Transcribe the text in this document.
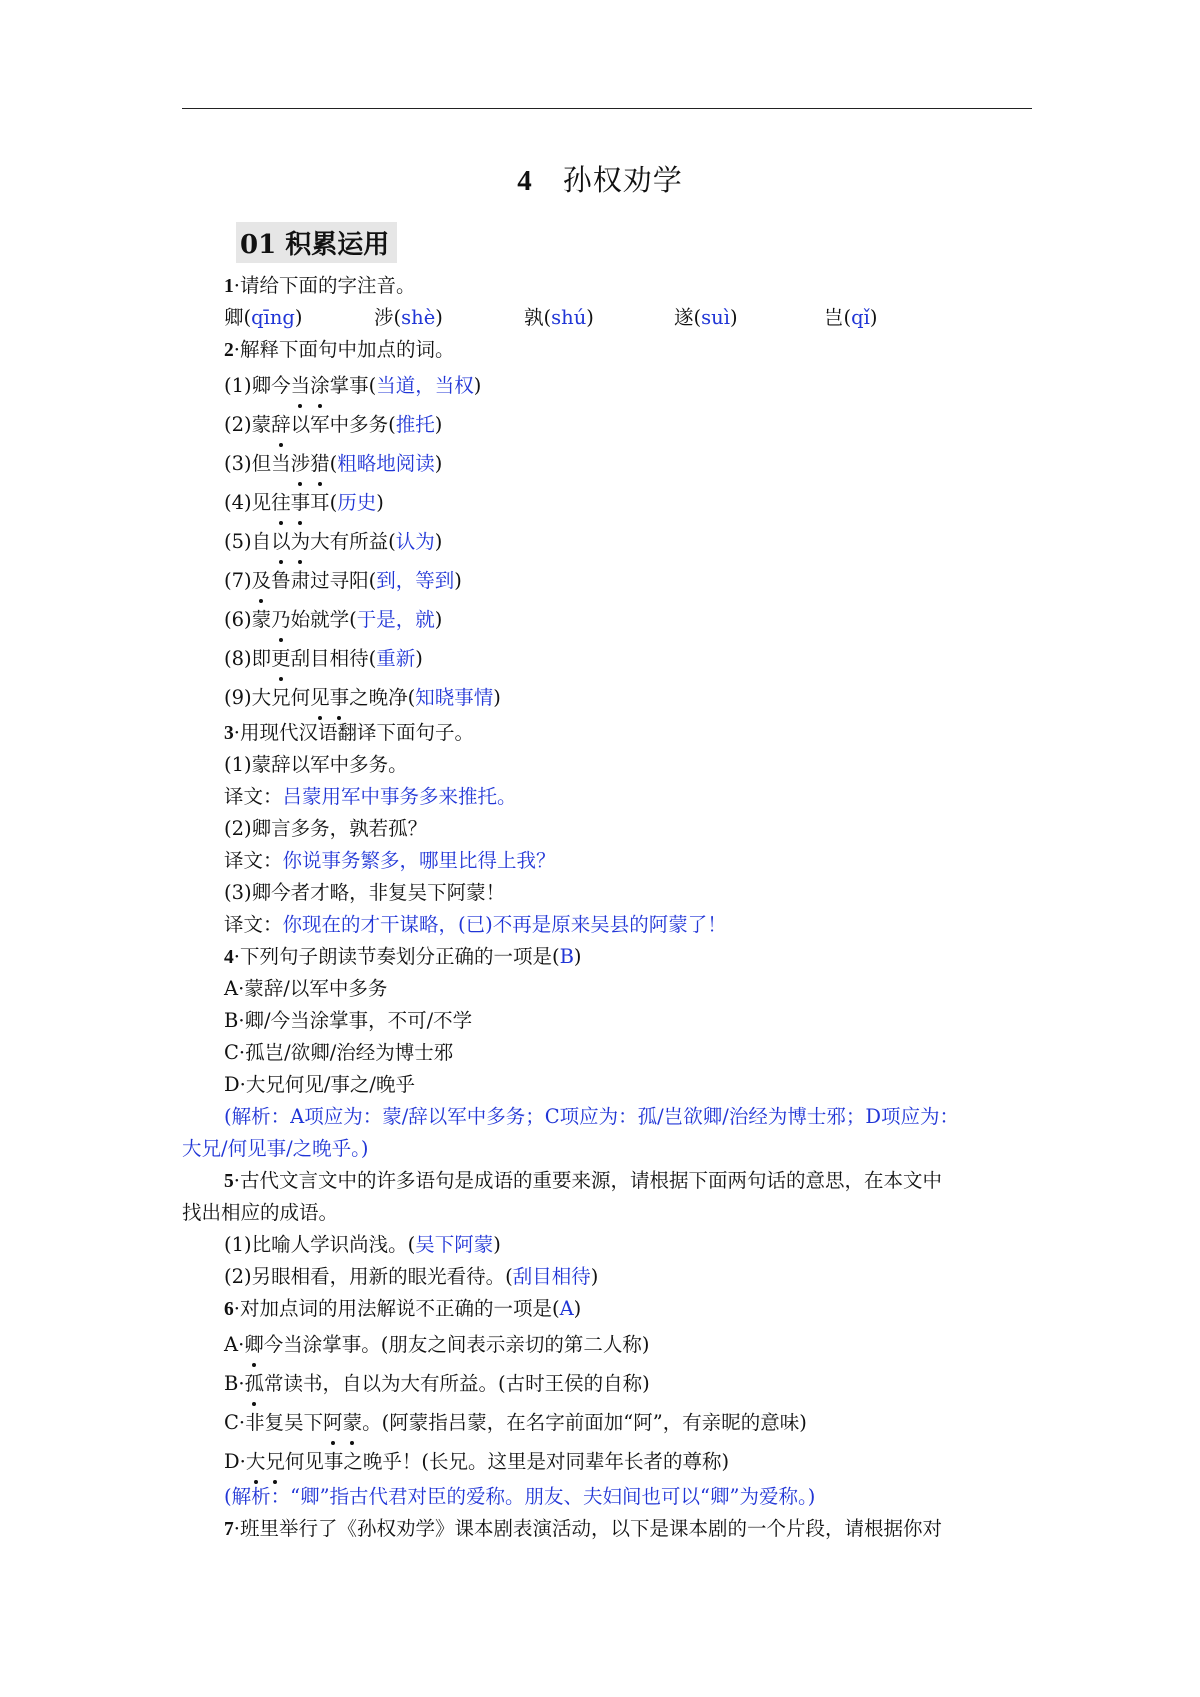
4 孙权劝学
01 积累运用
1·请给下面的字注音。
卿(qīng)	涉(shè)	孰(shú)	遂(suì)	岂(qǐ)
2·解释下面句中加点的词。
(1)卿今当涂掌事(当道，当权)
(2)蒙辞以军中多务(推托)
(3)但当涉猎(粗略地阅读)
(4)见往事耳(历史)
(5)自以为大有所益(认为)
(7)及鲁肃过寻阳(到，等到)
(6)蒙乃始就学(于是，就)
(8)即更刮目相待(重新)
(9)大兄何见事之晚净(知晓事情)
3·用现代汉语翻译下面句子。
(1)蒙辞以军中多务。
译文：吕蒙用军中事务多来推托。
(2)卿言多务，孰若孤？
译文：你说事务繁多，哪里比得上我？
(3)卿今者才略，非复吴下阿蒙！
译文：你现在的才干谋略，(已)不再是原来吴县的阿蒙了！
4·下列句子朗读节奏划分正确的一项是(B)
A·蒙辞/以军中多务
B·卿/今当涂掌事，不可/不学
C·孤岂/欲卿/治经为博士邪
D·大兄何见/事之/晚乎
(解析：A项应为：蒙/辞以军中多务；C项应为：孤/岂欲卿/治经为博士邪；D项应为：
大兄/何见事/之晚乎。)
5·古代文言文中的许多语句是成语的重要来源，请根据下面两句话的意思，在本文中
找出相应的成语。
(1)比喻人学识尚浅。(吴下阿蒙)
(2)另眼相看，用新的眼光看待。(刮目相待)
6·对加点词的用法解说不正确的一项是(A)
A·卿今当涂掌事。(朋友之间表示亲切的第二人称)
B·孤常读书，自以为大有所益。(古时王侯的自称)
C·非复吴下阿蒙。(阿蒙指吕蒙，在名字前面加“阿”，有亲昵的意味)
D·大兄何见事之晚乎！(长兄。这里是对同辈年长者的尊称)
(解析：“卿”指古代君对臣的爱称。朋友、夫妇间也可以“卿”为爱称。)
7·班里举行了《孙权劝学》课本剧表演活动，以下是课本剧的一个片段，请根据你对
